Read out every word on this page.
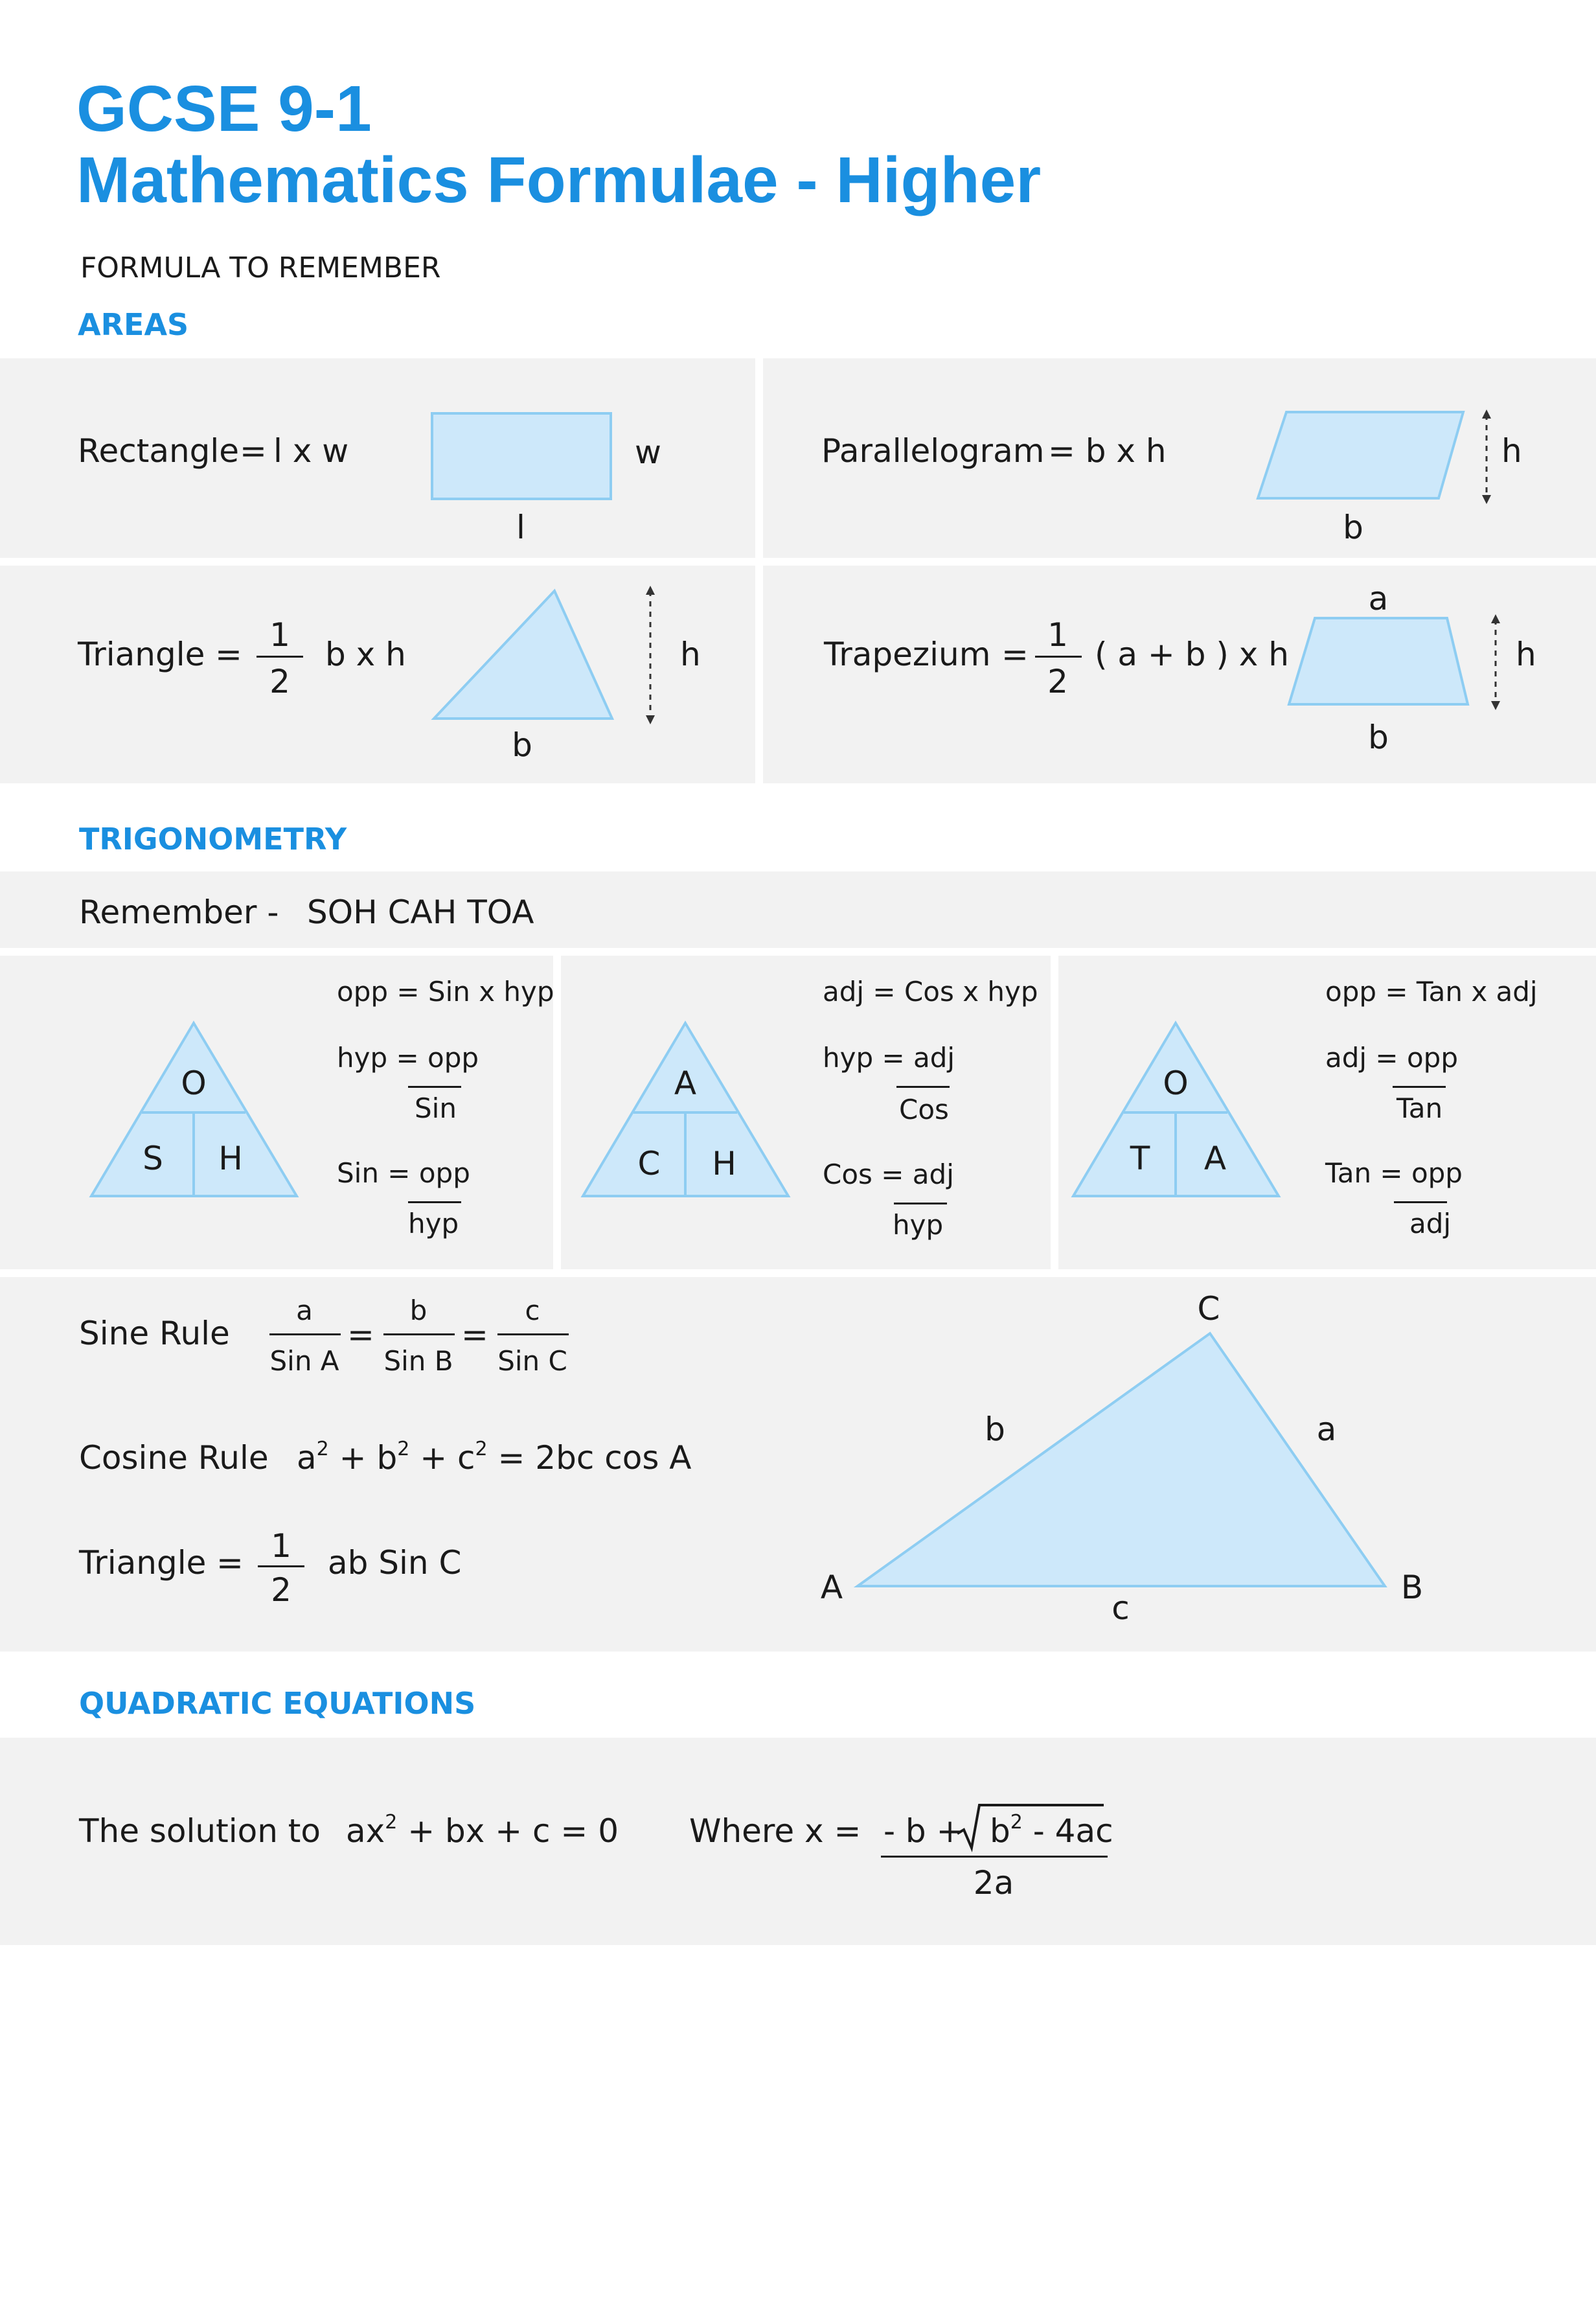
GCSE 9-1
Mathematics Formulae - Higher
FORMULA TO REMEMBER
AREAS
Rectangle = l x w	w
l
Parallelogram = b x h	h
b
Triangle =
1
2
b x h	h
b
Trapezium =
1
2
( a + b ) x h
a
h
b
TRIGONOMETRY
Remember - SOH CAH TOA
O
S H
opp = Sin x hyp
hyp = opp
Sin
Sin = opp
hyp
A
C H
adj = Cos x hyp
hyp = adj
Cos
Cos = adj
hyp
O
T A
opp = Tan x adj
adj = opp
Tan
Tan = opp
adj
Sine Rule
a
Sin A
=
b
Sin B
=
c
Sin C
Cosine Rule $a^2 + b^2 + c^2 = 2bc$ cos A
Triangle = 1
2
ab Sin C
C
A	B
b	a
c
QUADRATIC EQUATIONS
The solution to $ax^2$ + bx + c = 0 Where x = - $b + b^2 - 4ac$
2a
